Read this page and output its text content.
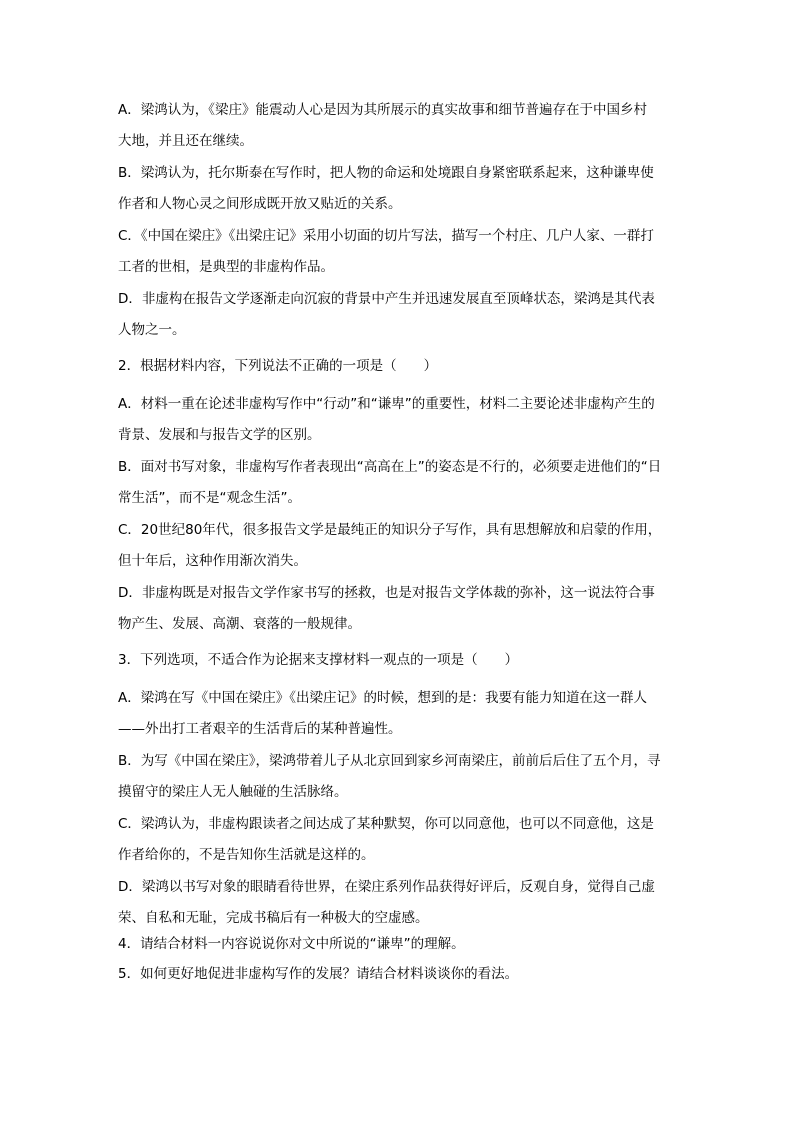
A．梁鸿认为，《梁庄》能震动人心是因为其所展示的真实故事和细节普遍存在于中国乡村

大地，并且还在继续。

B．梁鸿认为，托尔斯泰在写作时，把人物的命运和处境跟自身紧密联系起来，这种谦卑使

作者和人物心灵之间形成既开放又贴近的关系。

C．《中国在梁庄》《出梁庄记》采用小切面的切片写法，描写一个村庄、几户人家、一群打

工者的世相，是典型的非虚构作品。

D．非虚构在报告文学逐渐走向沉寂的背景中产生并迅速发展直至顶峰状态，梁鸿是其代表

人物之一。

2．根据材料内容，下列说法不正确的一项是（　　）

A．材料一重在论述非虚构写作中“行动”和“谦卑”的重要性，材料二主要论述非虚构产生的

背景、发展和与报告文学的区别。

B．面对书写对象，非虚构写作者表现出“高高在上”的姿态是不行的，必须要走进他们的“日

常生活”，而不是“观念生活”。

C．20世纪80年代，很多报告文学是最纯正的知识分子写作，具有思想解放和启蒙的作用，

但十年后，这种作用渐次消失。

D．非虚构既是对报告文学作家书写的拯救，也是对报告文学体裁的弥补，这一说法符合事

物产生、发展、高潮、衰落的一般规律。

3．下列选项，不适合作为论据来支撑材料一观点的一项是（　　）

A．梁鸿在写《中国在梁庄》《出梁庄记》的时候，想到的是：我要有能力知道在这一群人

——外出打工者艰辛的生活背后的某种普遍性。

B．为写《中国在梁庄》，梁鸿带着儿子从北京回到家乡河南梁庄，前前后后住了五个月，寻

摸留守的梁庄人无人触碰的生活脉络。

C．梁鸿认为，非虚构跟读者之间达成了某种默契，你可以同意他，也可以不同意他，这是

作者给你的，不是告知你生活就是这样的。

D．梁鸿以书写对象的眼睛看待世界，在梁庄系列作品获得好评后，反观自身，觉得自己虚

荣、自私和无耻，完成书稿后有一种极大的空虚感。

4．请结合材料一内容说说你对文中所说的“谦卑”的理解。

5．如何更好地促进非虚构写作的发展？请结合材料谈谈你的看法。
